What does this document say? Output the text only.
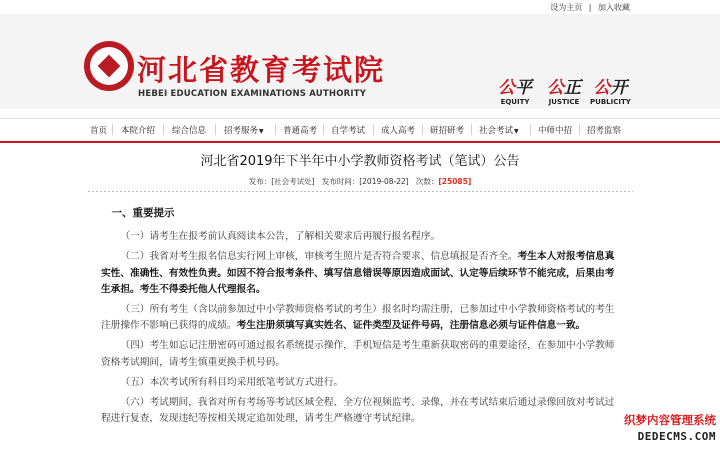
设为主页 | 加入收藏
河北省教育考试院
HEBEI EDUCATION EXAMINATIONS AUTHORITY	公平
EQUITY
公正
JUSTICE
公开
PUBLICITY
首页 本院介绍 综合信息 招考服务▼ 普通高考 自学考试 成人高考 研招研考 社会考试▼ 中师中招 招考监察
河北省2019年下半年中小学教师资格考试（笔试）公告
发布：[社会考试处] 发布时间：[2019-08-22] 次数：[25085]

一、重要提示

（一）请考生在报考前认真阅读本公告，了解相关要求后再履行报名程序。

（二）我省对考生报名信息实行网上审核，审核考生照片是否符合要求、信息填报是否齐全。考生本人对报考信息真实性、准确性、有效性负责。如因不符合报考条件、填写信息错误等原因造成面试、认定等后续环节不能完成，后果由考生承担。考生不得委托他人代理报名。

（三）所有考生（含以前参加过中小学教师资格考试的考生）报名时均需注册，已参加过中小学教师资格考试的考生注册操作不影响已获得的成绩。考生注册须填写真实姓名、证件类型及证件号码，注册信息必须与证件信息一致。

（四）考生如忘记注册密码可通过报名系统提示操作，手机短信是考生重新获取密码的重要途径，在参加中小学教师资格考试期间，请考生慎重更换手机号码。

（五）本次考试所有科目均采用纸笔考试方式进行。

（六）考试期间，我省对所有考场等考试区域全程、全方位视频监考、录像，并在考试结束后通过录像回放对考试过程进行复查，发现违纪等按相关规定追加处理，请考生严格遵守考试纪律。	织梦内容管理系统
DEDECMS.COM
